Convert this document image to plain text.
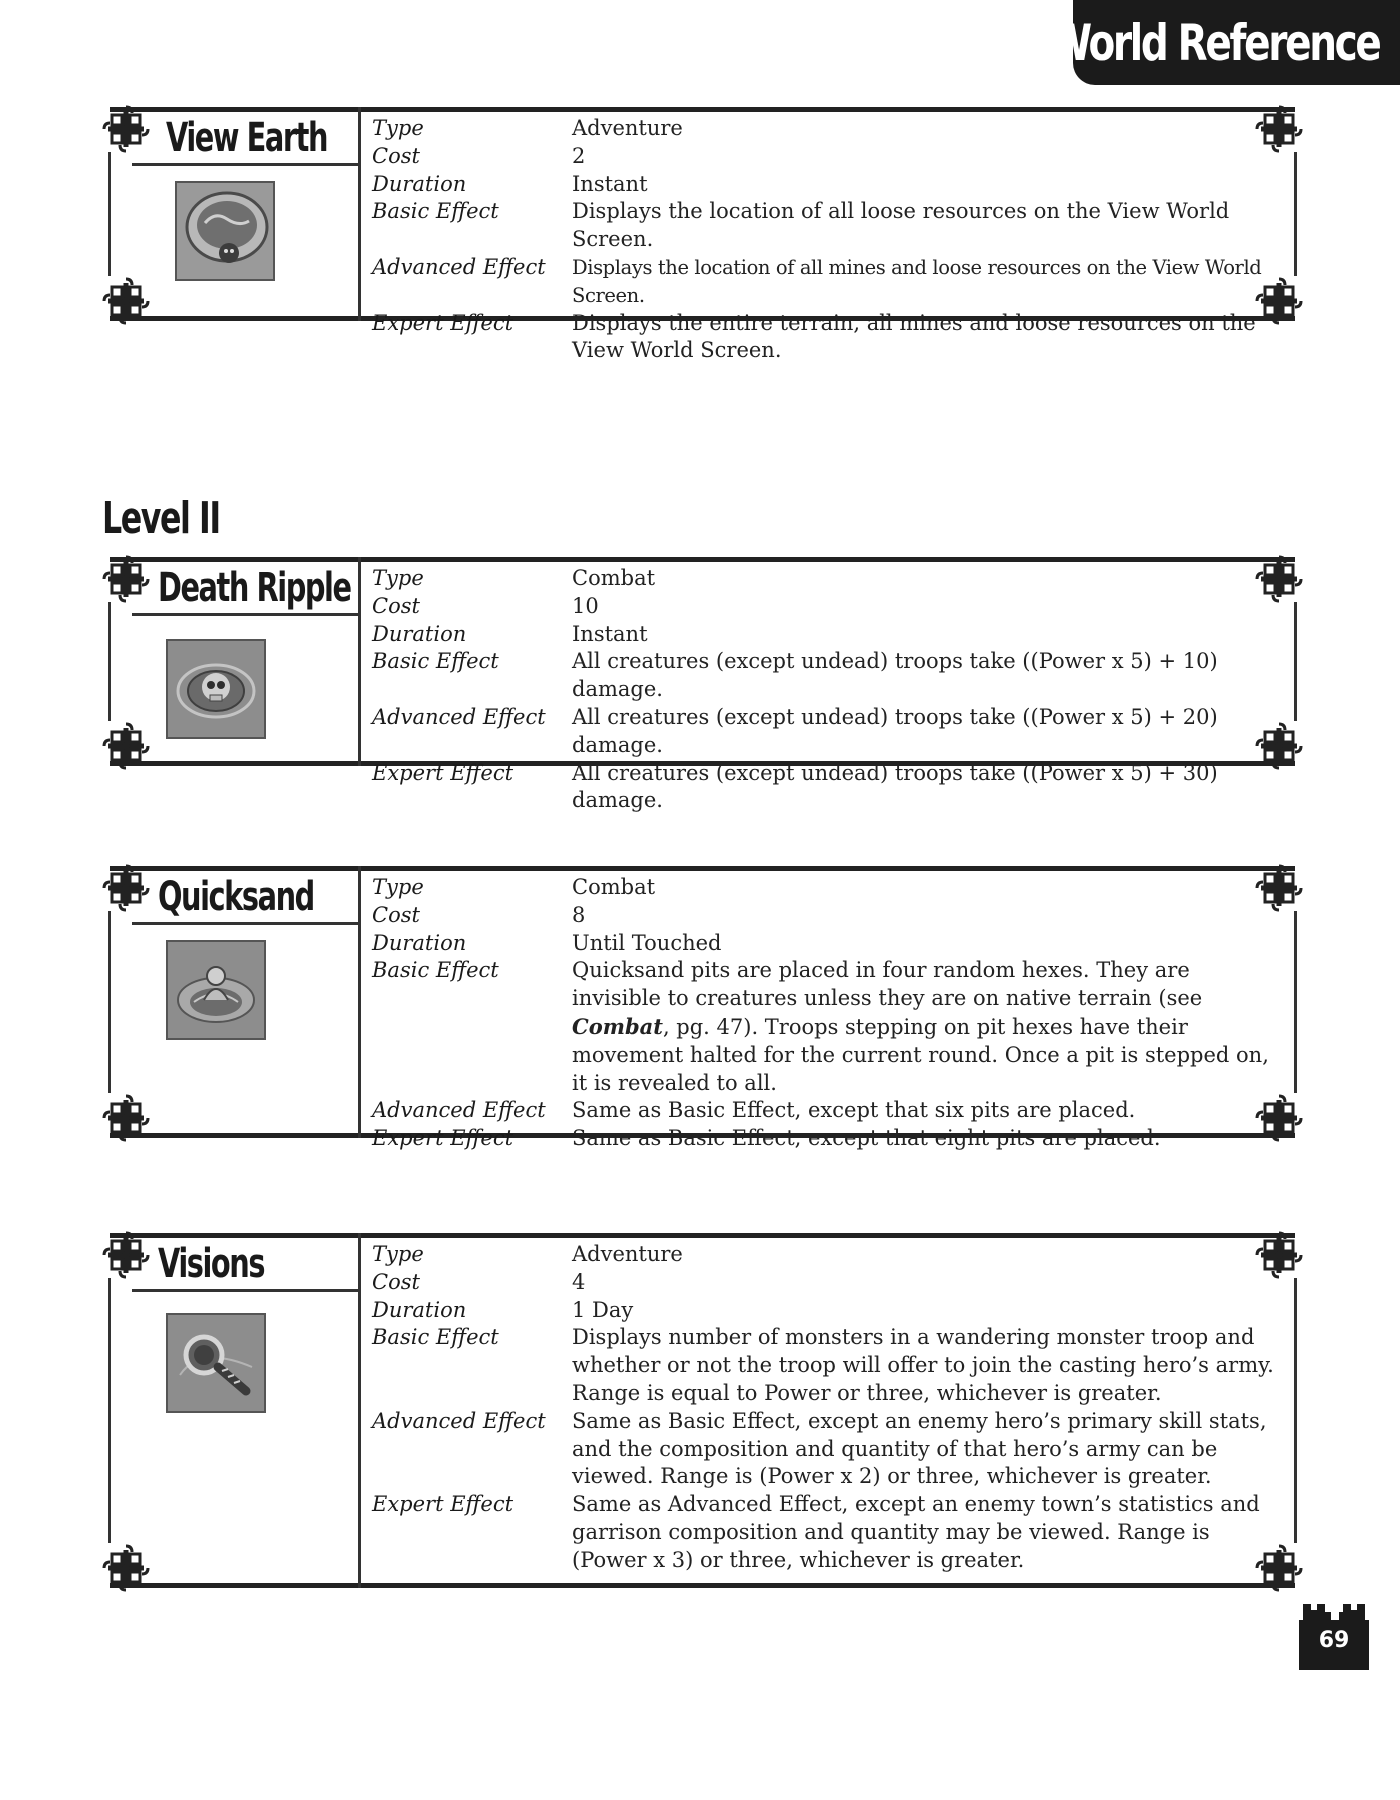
World Reference
View Earth Type	Adventure
Cost	2
Duration	Instant
Basic Effect	Displays the location of all loose resources on the View World Screen.
Advanced Effect	Displays the location of all mines and loose resources on the View World Screen.
Expert Effect	Displays the entire terrain, all mines and loose resources on the View World Screen.
Level II
Death Ripple Type	Combat
Cost	10
Duration	Instant
Basic Effect	All creatures (except undead) troops take ((Power x 5) + 10) damage.
Advanced Effect	All creatures (except undead) troops take ((Power x 5) + 20) damage.
Expert Effect	All creatures (except undead) troops take ((Power x 5) + 30) damage.
Quicksand	Type	Combat
Cost	8
Duration	Until Touched
Basic Effect	Quicksand pits are placed in four random hexes. They are invisible to creatures unless they are on native terrain (see Combat, pg. 47). Troops stepping on pit hexes have their movement halted for the current round. Once a pit is stepped on, it is revealed to all.
Advanced Effect	Same as Basic Effect, except that six pits are placed.
Expert Effect	Same as Basic Effect, except that eight pits are placed.
Visions	Type	Adventure
Cost	4
Duration	1 Day
Basic Effect	Displays number of monsters in a wandering monster troop and whether or not the troop will offer to join the casting hero’s army. Range is equal to Power or three, whichever is greater.
Advanced Effect	Same as Basic Effect, except an enemy hero’s primary skill stats, and the composition and quantity of that hero’s army can be viewed. Range is (Power x 2) or three, whichever is greater.
Expert Effect	Same as Advanced Effect, except an enemy town’s statistics and garrison composition and quantity may be viewed. Range is (Power x 3) or three, whichever is greater.
69
